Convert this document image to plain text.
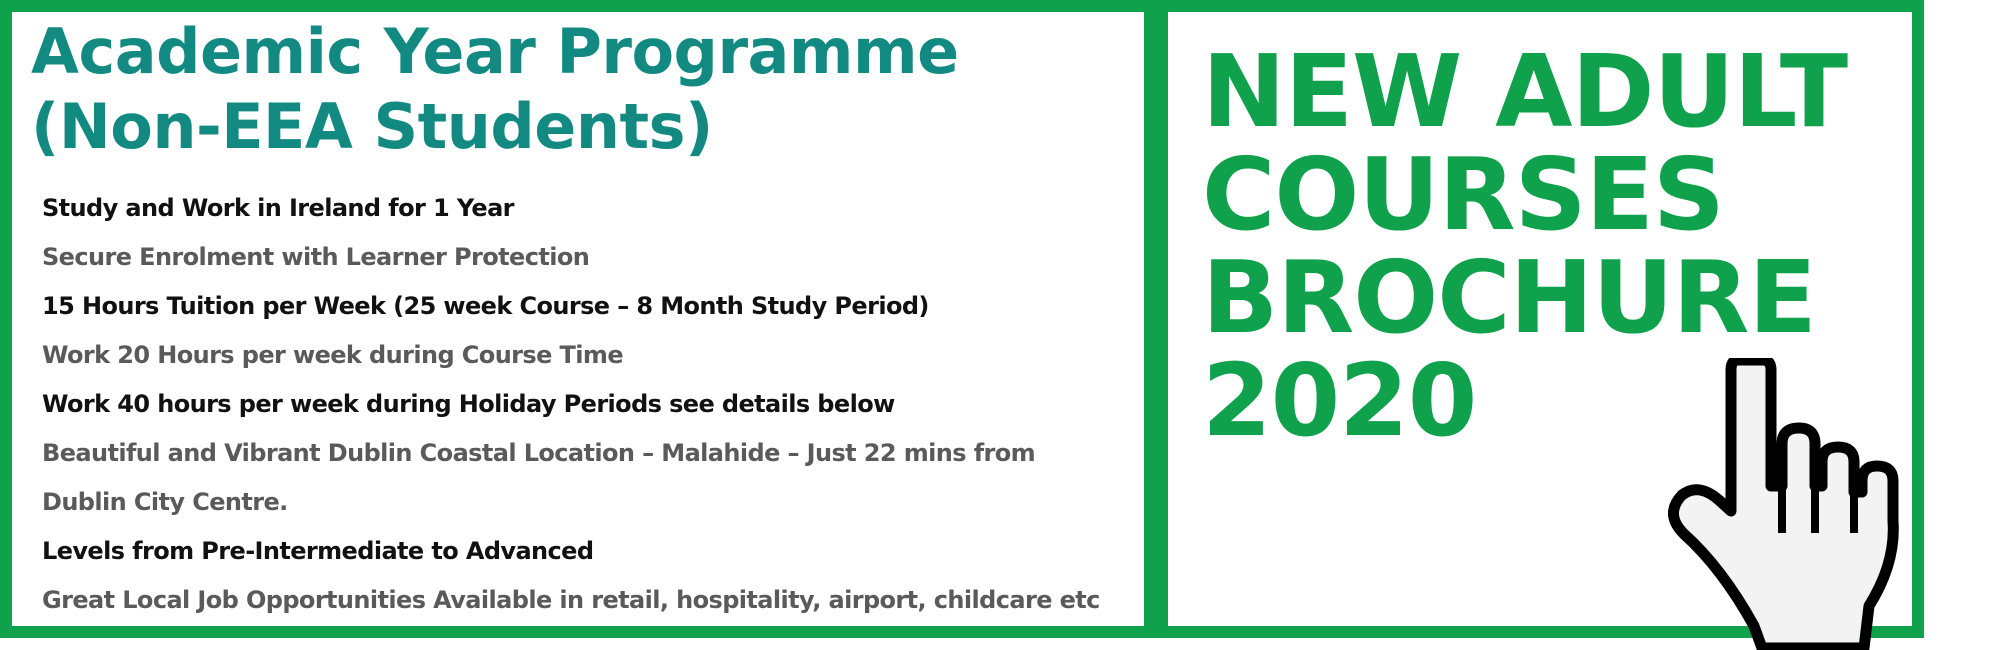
Academic Year Programme
(Non-EEA Students)
Study and Work in Ireland for 1 Year
Secure Enrolment with Learner Protection
15 Hours Tuition per Week (25 week Course – 8 Month Study Period)
Work 20 Hours per week during Course Time
Work 40 hours per week during Holiday Periods see details below
Beautiful and Vibrant Dublin Coastal Location – Malahide – Just 22 mins from
Dublin City Centre.
Levels from Pre-Intermediate to Advanced
Great Local Job Opportunities Available in retail, hospitality, airport, childcare etc
NEW ADULT
COURSES
BROCHURE
2020
